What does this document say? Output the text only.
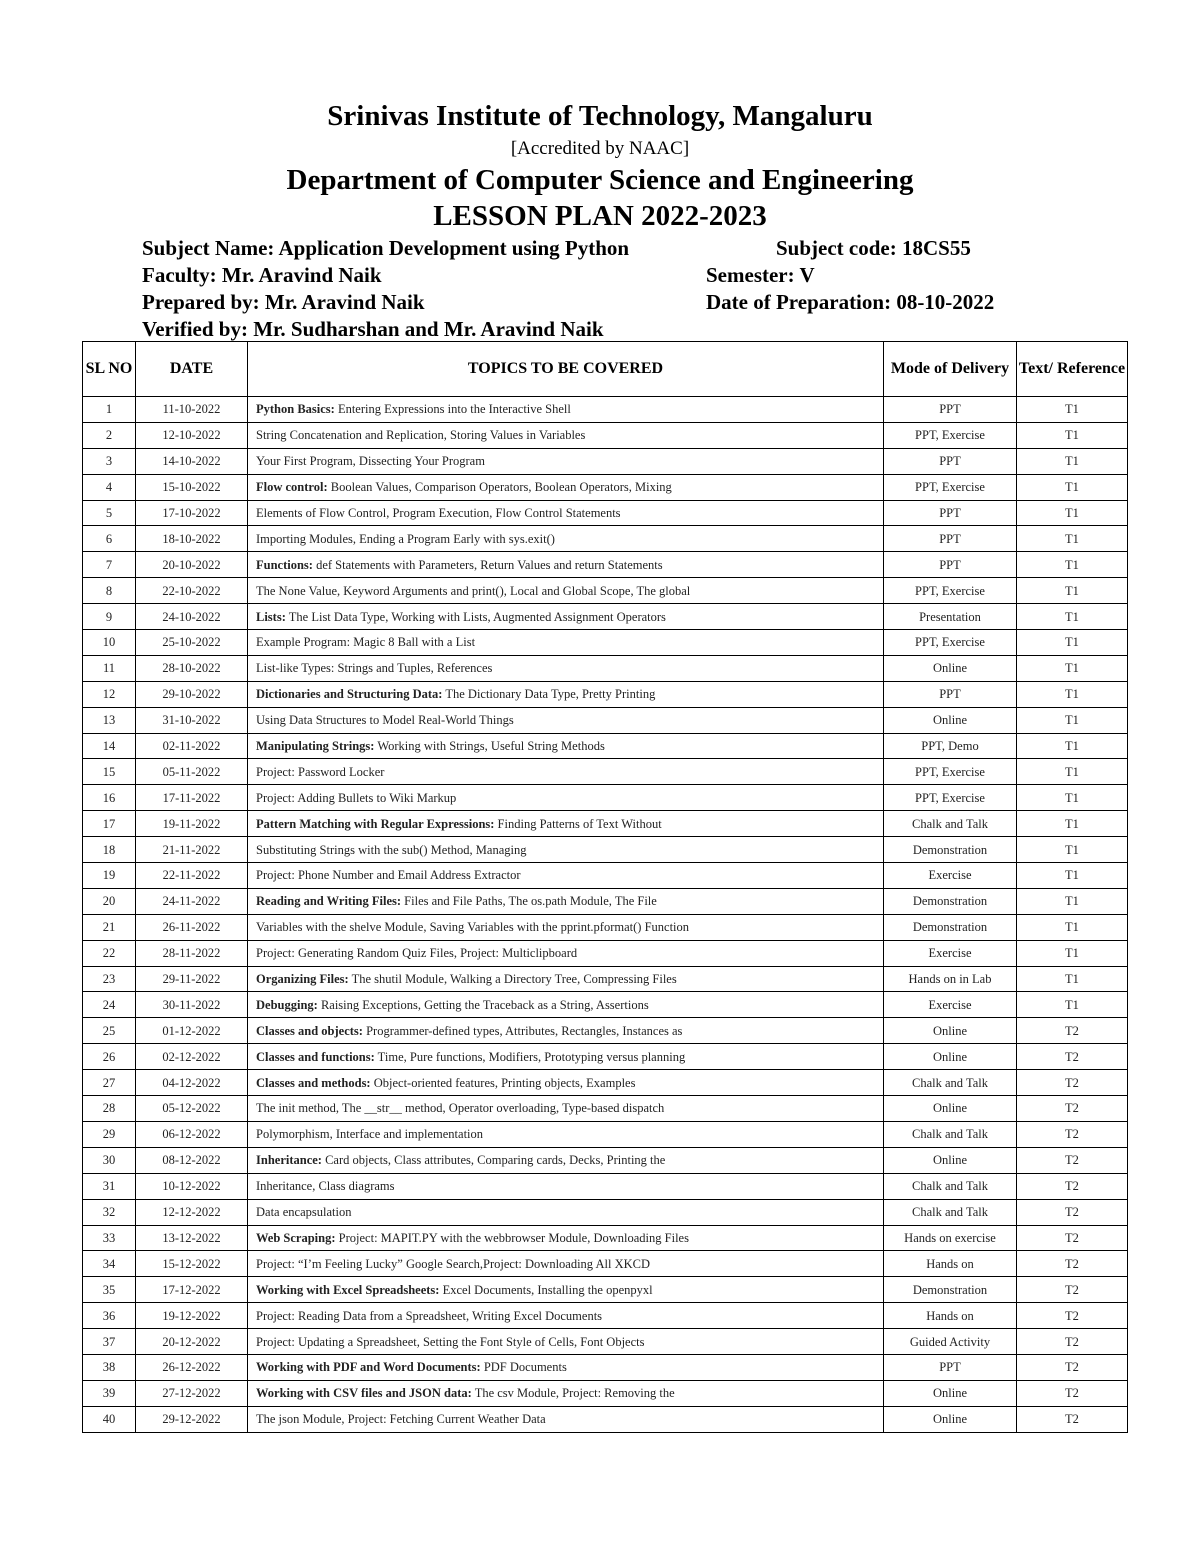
Srinivas Institute of Technology, Mangaluru
[Accredited by NAAC]
Department of Computer Science and Engineering
LESSON PLAN 2022-2023
Subject Name: Application Development using Python	Subject code: 18CS55
Faculty: Mr. Aravind Naik	Semester: V
Prepared by: Mr. Aravind Naik	Date of Preparation: 08-10-2022
Verified by: Mr. Sudharshan and Mr. Aravind Naik
SL NO	DATE	TOPICS TO BE COVERED	Mode of Delivery	Text/ Reference
1	11-10-2022	Python Basics: Entering Expressions into the Interactive Shell	PPT	T1
2	12-10-2022	String Concatenation and Replication, Storing Values in Variables	PPT, Exercise	T1
3	14-10-2022	Your First Program, Dissecting Your Program	PPT	T1
4	15-10-2022	Flow control: Boolean Values, Comparison Operators, Boolean Operators, Mixing	PPT, Exercise	T1
5	17-10-2022	Elements of Flow Control, Program Execution, Flow Control Statements	PPT	T1
6	18-10-2022	Importing Modules, Ending a Program Early with sys.exit()	PPT	T1
7	20-10-2022	Functions: def Statements with Parameters, Return Values and return Statements	PPT	T1
8	22-10-2022	The None Value, Keyword Arguments and print(), Local and Global Scope, The global	PPT, Exercise	T1
9	24-10-2022	Lists: The List Data Type, Working with Lists, Augmented Assignment Operators	Presentation	T1
10	25-10-2022	Example Program: Magic 8 Ball with a List	PPT, Exercise	T1
11	28-10-2022	List-like Types: Strings and Tuples, References	Online	T1
12	29-10-2022	Dictionaries and Structuring Data: The Dictionary Data Type, Pretty Printing	PPT	T1
13	31-10-2022	Using Data Structures to Model Real-World Things	Online	T1
14	02-11-2022	Manipulating Strings: Working with Strings, Useful String Methods	PPT, Demo	T1
15	05-11-2022	Project: Password Locker	PPT, Exercise	T1
16	17-11-2022	Project: Adding Bullets to Wiki Markup	PPT, Exercise	T1
17	19-11-2022	Pattern Matching with Regular Expressions: Finding Patterns of Text Without	Chalk and Talk	T1
18	21-11-2022	Substituting Strings with the sub() Method, Managing	Demonstration	T1
19	22-11-2022	Project: Phone Number and Email Address Extractor	Exercise	T1
20	24-11-2022	Reading and Writing Files: Files and File Paths, The os.path Module, The File	Demonstration	T1
21	26-11-2022	Variables with the shelve Module, Saving Variables with the pprint.pformat() Function	Demonstration	T1
22	28-11-2022	Project: Generating Random Quiz Files, Project: Multiclipboard	Exercise	T1
23	29-11-2022	Organizing Files: The shutil Module, Walking a Directory Tree, Compressing Files	Hands on in Lab	T1
24	30-11-2022	Debugging: Raising Exceptions, Getting the Traceback as a String, Assertions	Exercise	T1
25	01-12-2022	Classes and objects: Programmer-defined types, Attributes, Rectangles, Instances as	Online	T2
26	02-12-2022	Classes and functions: Time, Pure functions, Modifiers, Prototyping versus planning	Online	T2
27	04-12-2022	Classes and methods: Object-oriented features, Printing objects, Examples	Chalk and Talk	T2
28	05-12-2022	The init method, The __str__ method, Operator overloading, Type-based dispatch	Online	T2
29	06-12-2022	Polymorphism, Interface and implementation	Chalk and Talk	T2
30	08-12-2022	Inheritance: Card objects, Class attributes, Comparing cards, Decks, Printing the	Online	T2
31	10-12-2022	Inheritance, Class diagrams	Chalk and Talk	T2
32	12-12-2022	Data encapsulation	Chalk and Talk	T2
33	13-12-2022	Web Scraping: Project: MAPIT.PY with the webbrowser Module, Downloading Files	Hands on exercise	T2
34	15-12-2022	Project: “I’m Feeling Lucky” Google Search,Project: Downloading All XKCD	Hands on	T2
35	17-12-2022	Working with Excel Spreadsheets: Excel Documents, Installing the openpyxl	Demonstration	T2
36	19-12-2022	Project: Reading Data from a Spreadsheet, Writing Excel Documents	Hands on	T2
37	20-12-2022	Project: Updating a Spreadsheet, Setting the Font Style of Cells, Font Objects	Guided Activity	T2
38	26-12-2022	Working with PDF and Word Documents: PDF Documents	PPT	T2
39	27-12-2022	Working with CSV files and JSON data: The csv Module, Project: Removing the	Online	T2
40	29-12-2022	The json Module, Project: Fetching Current Weather Data	Online	T2
